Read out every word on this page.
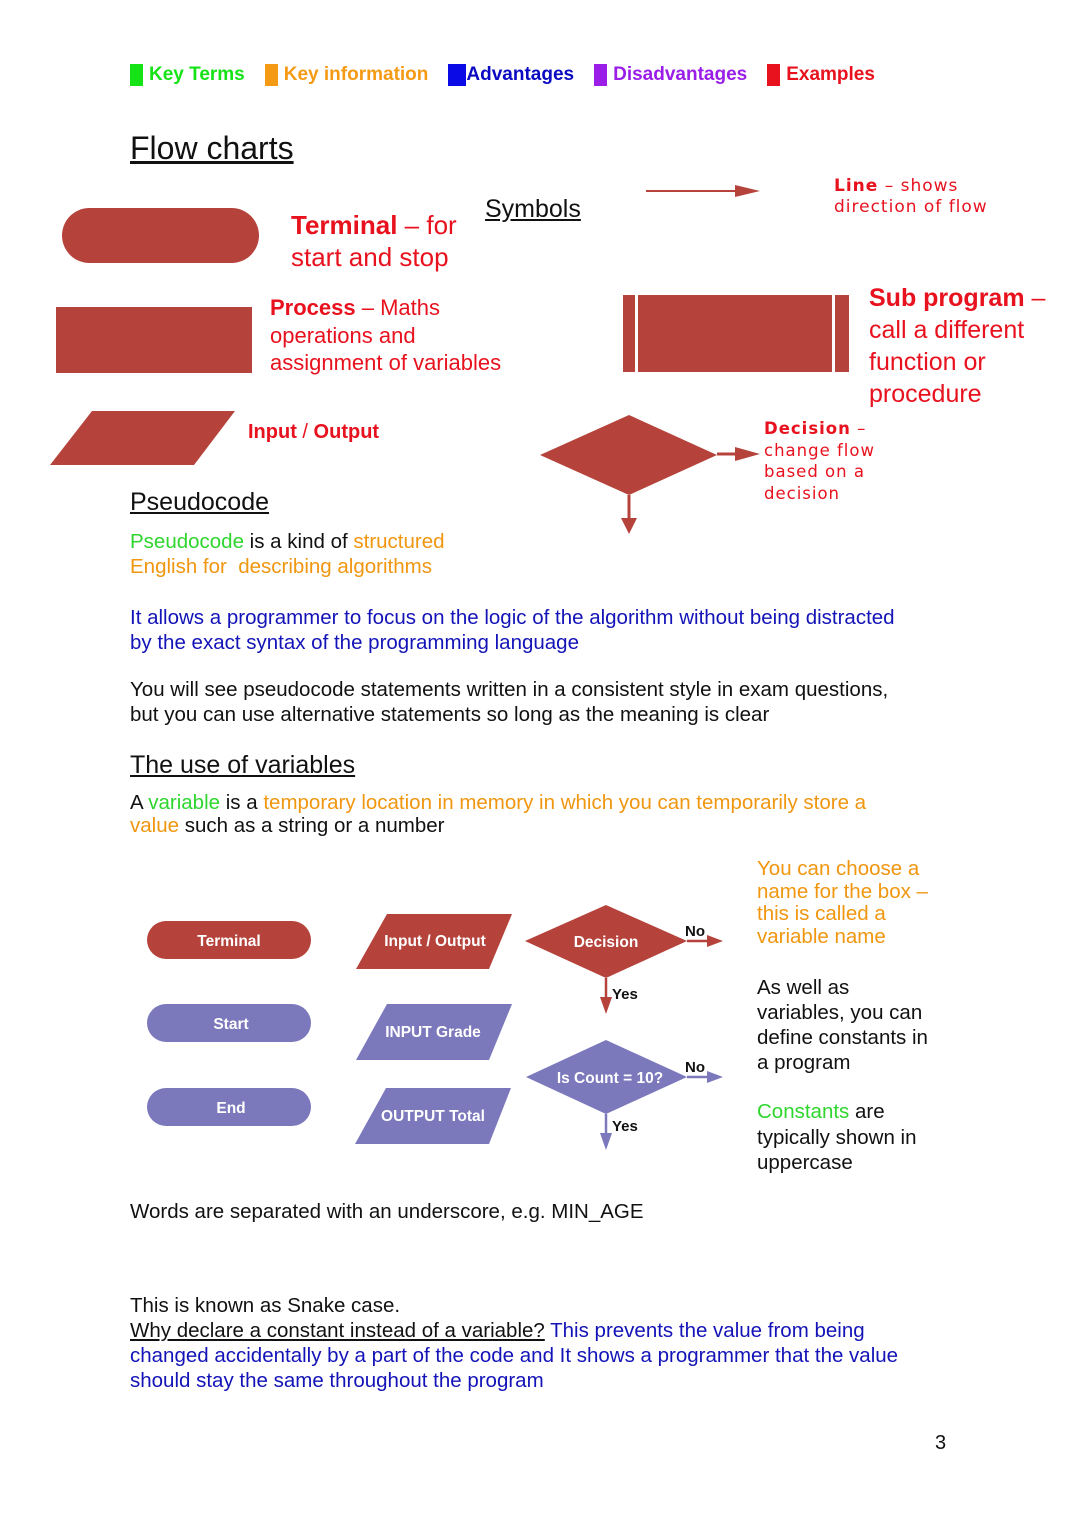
Key Terms Key information Advantages Disadvantages Examples
Flow charts
Symbols
Terminal – for
start and stop
Process – Maths
operations and
assignment of variables
Input / Output
Line – shows
direction of flow
Sub program –
call a different
function or
procedure
Decision –
change flow
based on a
decision
Pseudocode
Pseudocode is a kind of structured
English for  describing algorithms
It allows a programmer to focus on the logic of the algorithm without being distracted
by the exact syntax of the programming language
You will see pseudocode statements written in a consistent style in exam questions,
but you can use alternative statements so long as the meaning is clear
The use of variables
A variable is a temporary location in memory in which you can temporarily store a
value such as a string or a number
Terminal	Input / Output	Decision
No
Yes
Start	INPUT Grade
End	OUTPUT Total
Is Count = 10?
No
Yes
You can choose a
name for the box –
this is called a
variable name
As well as
variables, you can
define constants in
a program
Constants are
typically shown in
uppercase
Words are separated with an underscore, e.g. MIN_AGE
This is known as Snake case.
Why declare a constant instead of a variable? This prevents the value from being
changed accidentally by a part of the code and It shows a programmer that the value
should stay the same throughout the program
3
